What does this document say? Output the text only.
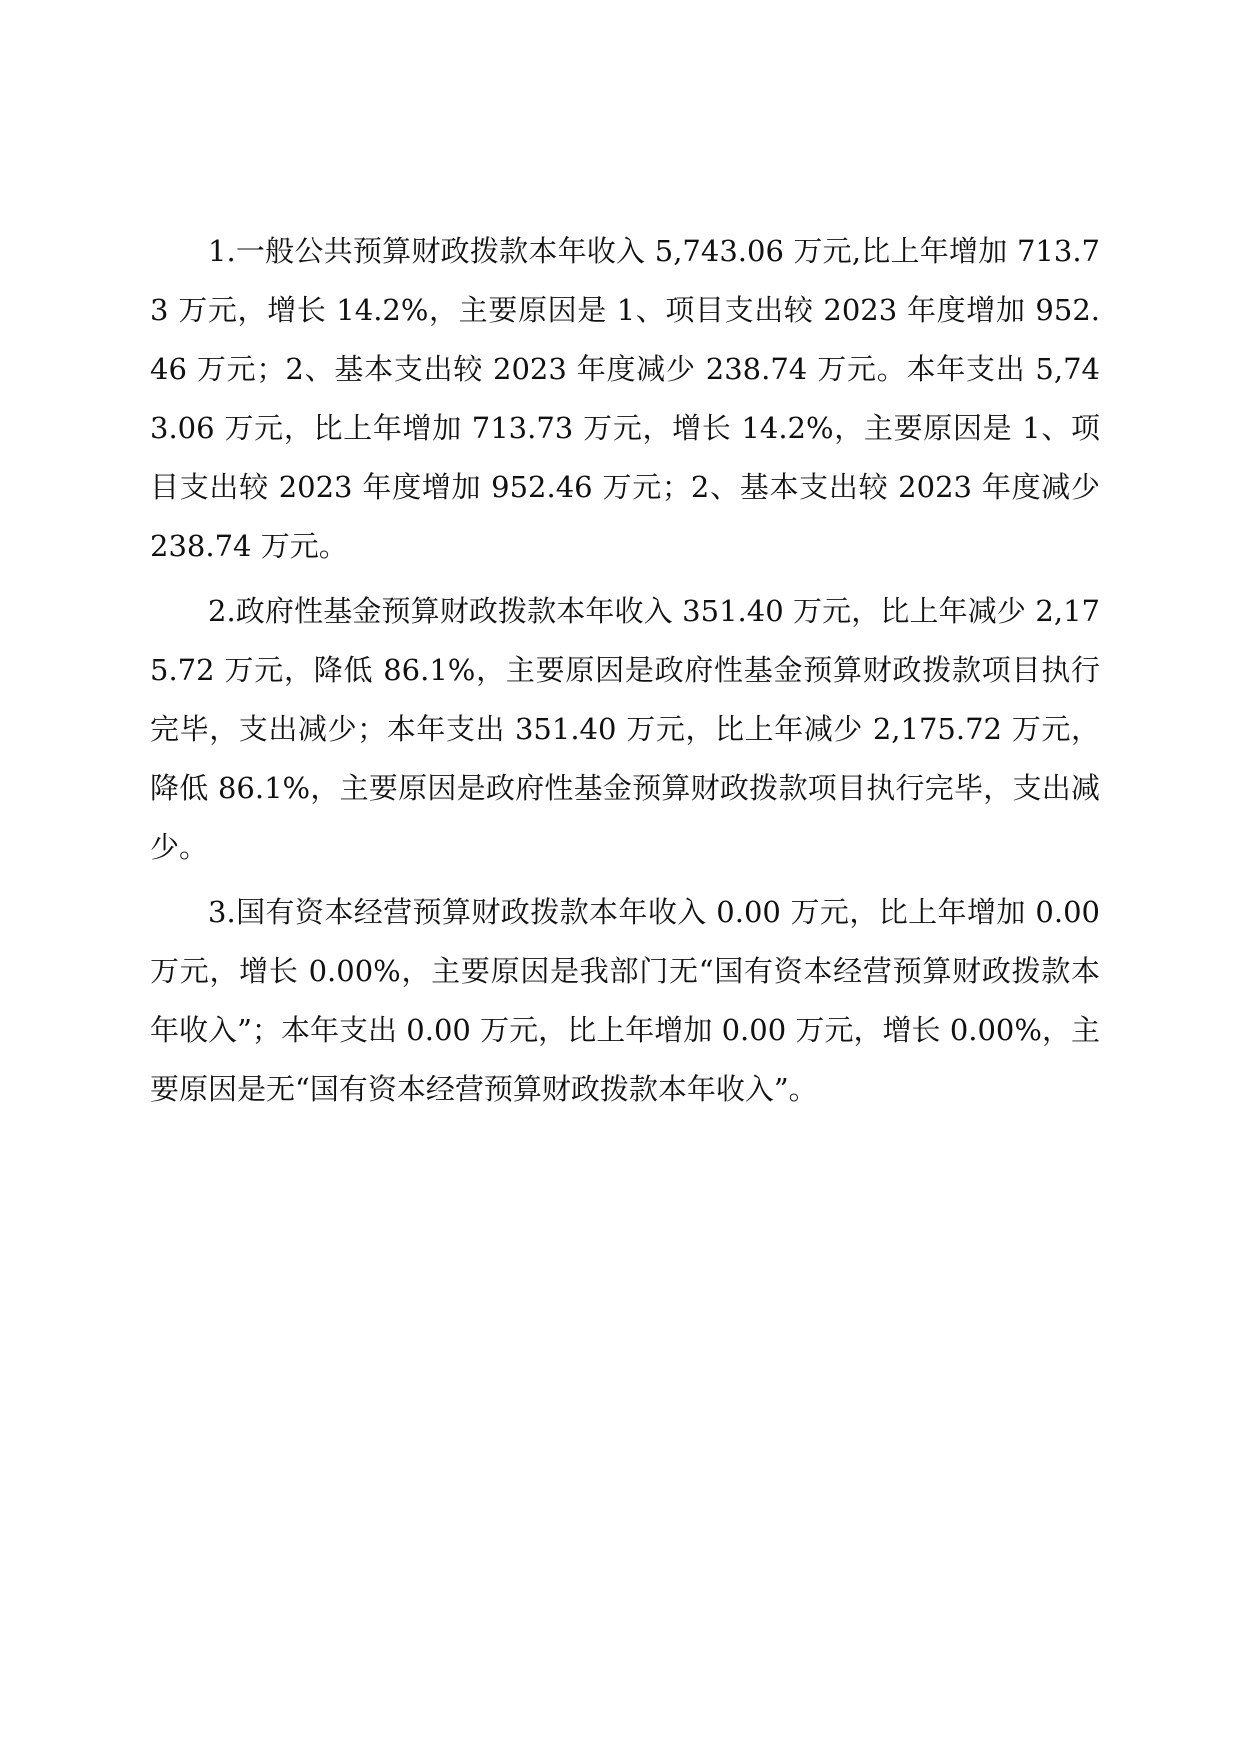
1.一般公共预算财政拨款本年收入 5,743.06 万元,比上年增加 713.73 万元，增长 14.2%，主要原因是 1、项目支出较 2023 年度增加 952.46 万元；2、基本支出较 2023 年度减少 238.74 万元。本年支出 5,743.06 万元，比上年增加 713.73 万元，增长 14.2%，主要原因是 1、项目支出较 2023 年度增加 952.46 万元；2、基本支出较 2023 年度减少 238.74 万元。

2.政府性基金预算财政拨款本年收入 351.40 万元，比上年减少 2,175.72 万元，降低 86.1%，主要原因是政府性基金预算财政拨款项目执行完毕，支出减少；本年支出 351.40 万元，比上年减少 2,175.72 万元，降低 86.1%，主要原因是政府性基金预算财政拨款项目执行完毕，支出减少。

3.国有资本经营预算财政拨款本年收入 0.00 万元，比上年增加 0.00 万元，增长 0.00%，主要原因是我部门无“国有资本经营预算财政拨款本年收入”；本年支出 0.00 万元，比上年增加 0.00 万元，增长 0.00%，主要原因是无“国有资本经营预算财政拨款本年收入”。
